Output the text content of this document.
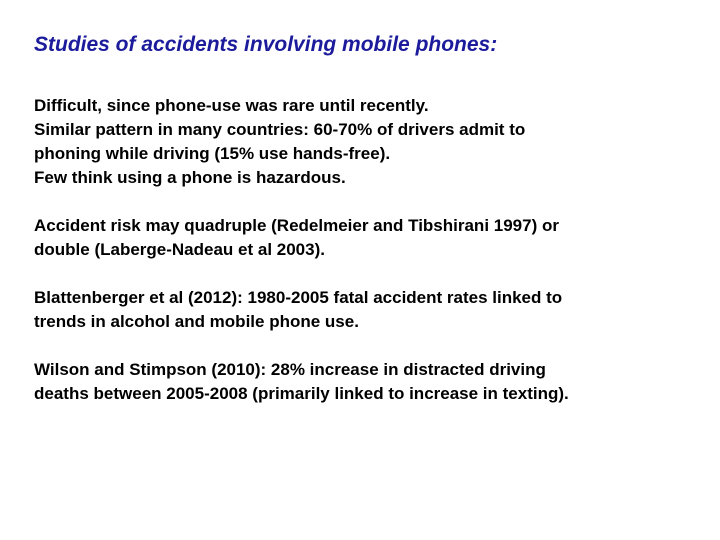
Studies of accidents involving mobile phones:

Difficult, since phone-use was rare until recently.
Similar pattern in many countries: 60-70% of drivers admit to
phoning while driving (15% use hands-free).
Few think using a phone is hazardous.

Accident risk may quadruple (Redelmeier and Tibshirani 1997) or
double (Laberge-Nadeau et al 2003).

Blattenberger et al (2012): 1980-2005 fatal accident rates linked to
trends in alcohol and mobile phone use.

Wilson and Stimpson (2010): 28% increase in distracted driving
deaths between 2005-2008 (primarily linked to increase in texting).
